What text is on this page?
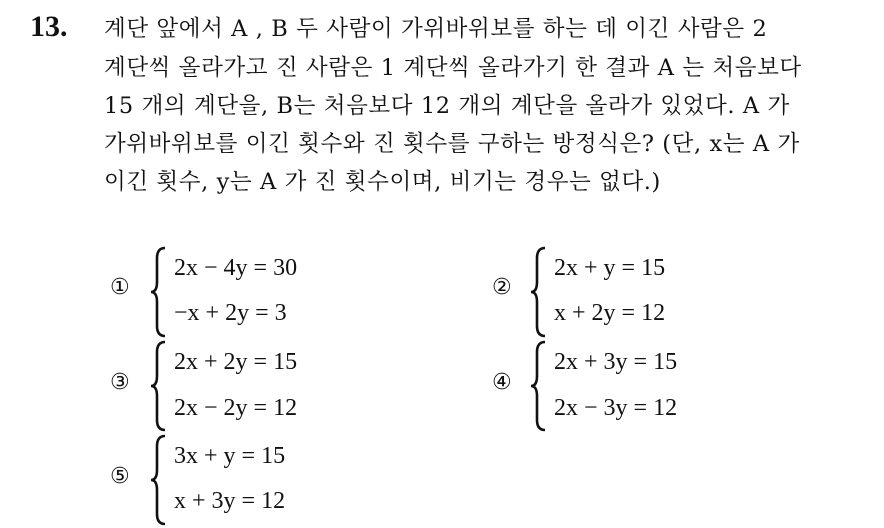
13. 계단 앞에서 A , B 두 사람이 가위바위보를 하는 데 이긴 사람은 2
계단씩 올라가고 진 사람은 1 계단씩 올라가기 한 결과 A 는 처음보다
15 개의 계단을, B는 처음보다 12 개의 계단을 올라가 있었다. A 가
가위바위보를 이긴 횟수와 진 횟수를 구하는 방정식은? (단, x는 A 가
이긴 횟수, y는 A 가 진 횟수이며, 비기는 경우는 없다.)
①
2x − 4y = 30
−x + 2y = 3
②
2x + y = 15
x + 2y = 12
③
2x + 2y = 15
2x − 2y = 12
④
2x + 3y = 15
2x − 3y = 12
⑤
3x + y = 15
x + 3y = 12
